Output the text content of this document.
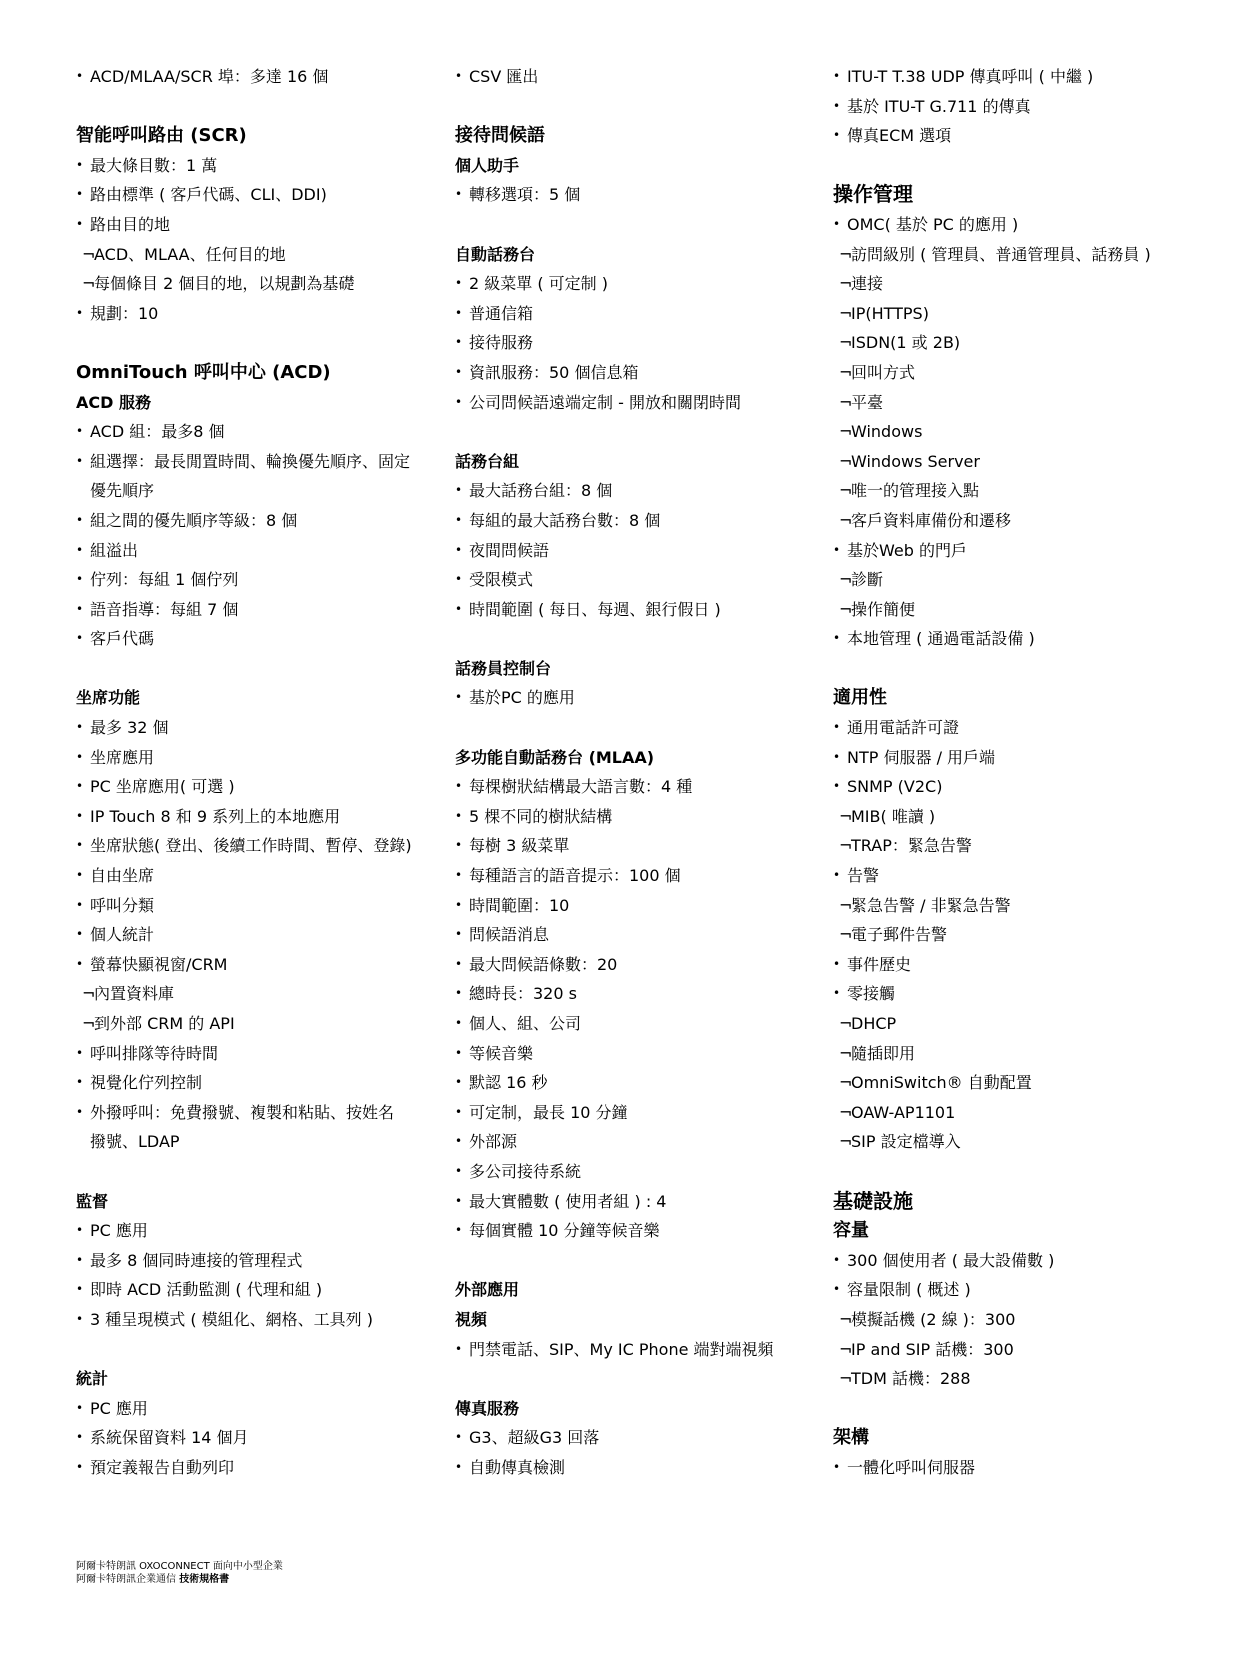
• ACD/MLAA/SCR 埠：多達 16 個
智能呼叫路由 (SCR)
• 最大條目數：1 萬
• 路由標準 ( 客戶代碼、CLI、DDI)
• 路由目的地
¬ ACD、MLAA、任何目的地
¬ 每個條目 2 個目的地，以規劃為基礎
• 規劃：10
OmniTouch 呼叫中心 (ACD)
ACD 服務
• ACD 組：最多8 個
• 組選擇：最長閒置時間、輪換優先順序、固定
優先順序
• 組之間的優先順序等級：8 個
• 組溢出
• 佇列：每組 1 個佇列
• 語音指導：每組 7 個
• 客戶代碼
坐席功能
• 最多 32 個
• 坐席應用
• PC 坐席應用( 可選 )
• IP Touch 8 和 9 系列上的本地應用
• 坐席狀態( 登出、後續工作時間、暫停、登錄)
• 自由坐席
• 呼叫分類
• 個人統計
• 螢幕快顯視窗/CRM
¬ 內置資料庫
¬ 到外部 CRM 的 API
• 呼叫排隊等待時間
• 視覺化佇列控制
• 外撥呼叫：免費撥號、複製和粘貼、按姓名
撥號、LDAP
監督
• PC 應用
• 最多 8 個同時連接的管理程式
• 即時 ACD 活動監測 ( 代理和組 )
• 3 種呈現模式 ( 模組化、網格、工具列 )
統計
• PC 應用
• 系統保留資料 14 個月
• 預定義報告自動列印
• CSV 匯出
接待問候語
個人助手
• 轉移選項：5 個
自動話務台
• 2 級菜單 ( 可定制 )
• 普通信箱
• 接待服務
• 資訊服務：50 個信息箱
• 公司問候語遠端定制 - 開放和關閉時間
話務台組
• 最大話務台組：8 個
• 每組的最大話務台數：8 個
• 夜間問候語
• 受限模式
• 時間範圍 ( 每日、每週、銀行假日 )
話務員控制台
• 基於PC 的應用
多功能自動話務台 (MLAA)
• 每棵樹狀結構最大語言數：4 種
• 5 棵不同的樹狀結構
• 每樹 3 級菜單
• 每種語言的語音提示：100 個
• 時間範圍：10
• 問候語消息
• 最大問候語條數：20
• 總時長：320 s
• 個人、組、公司
• 等候音樂
• 默認 16 秒
• 可定制，最長 10 分鐘
• 外部源
• 多公司接待系統
• 最大實體數 ( 使用者組 ) : 4
• 每個實體 10 分鐘等候音樂
外部應用
視頻
• 門禁電話、SIP、My IC Phone 端對端視頻
傳真服務
• G3、超級G3 回落
• 自動傳真檢測
• ITU-T T.38 UDP 傳真呼叫 ( 中繼 )
• 基於 ITU-T G.711 的傳真
• 傳真ECM 選項
操作管理
• OMC( 基於 PC 的應用 )
¬ 訪問級別 ( 管理員、普通管理員、話務員 )
¬ 連接
¬ IP(HTTPS)
¬ ISDN(1 或 2B)
¬ 回叫方式
¬ 平臺
¬ Windows
¬ Windows Server
¬ 唯一的管理接入點
¬ 客戶資料庫備份和遷移
• 基於Web 的門戶
¬ 診斷
¬ 操作簡便
• 本地管理 ( 通過電話設備 )
適用性
• 通用電話許可證
• NTP 伺服器 / 用戶端
• SNMP (V2C)
¬ MIB( 唯讀 )
¬ TRAP：緊急告警
• 告警
¬ 緊急告警 / 非緊急告警
¬ 電子郵件告警
• 事件歷史
• 零接觸
¬ DHCP
¬ 隨插即用
¬ OmniSwitch® 自動配置
¬ OAW-AP1101
¬ SIP 設定檔導入
基礎設施
容量
• 300 個使用者 ( 最大設備數 )
• 容量限制 ( 概述 )
¬ 模擬話機 (2 線 )：300
¬ IP and SIP 話機：300
¬ TDM 話機：288
架構
• 一體化呼叫伺服器
阿爾卡特朗訊 OXOCONNECT 面向中小型企業
阿爾卡特朗訊企業通信 技術規格書
